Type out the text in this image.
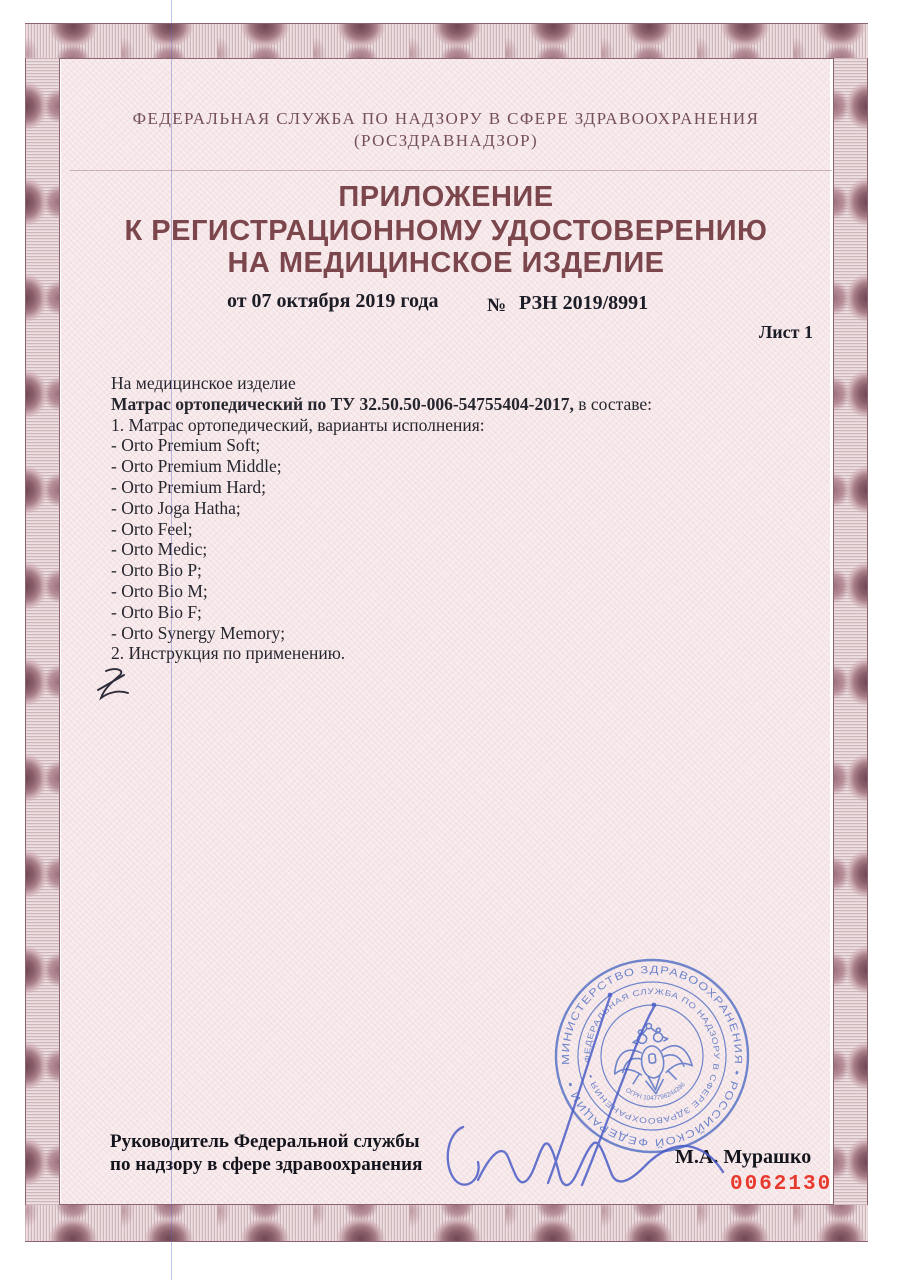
ФЕДЕРАЛЬНАЯ СЛУЖБА ПО НАДЗОРУ В СФЕРЕ ЗДРАВООХРАНЕНИЯ
(РОСЗДРАВНАДЗОР)
ПРИЛОЖЕНИЕ
К РЕГИСТРАЦИОННОМУ УДОСТОВЕРЕНИЮ
НА МЕДИЦИНСКОЕ ИЗДЕЛИЕ
от 07 октября 2019 года	№ РЗН 2019/8991
Лист 1
На медицинское изделие
Матрас ортопедический по ТУ 32.50.50-006-54755404-2017, в составе:
1. Матрас ортопедический, варианты исполнения:
- Orto Premium Soft;
- Orto Premium Middle;
- Orto Premium Hard;
- Orto Joga Hatha;
- Orto Feel;
- Orto Medic;
- Orto Bio P;
- Orto Bio M;
- Orto Bio F;
- Orto Synergy Memory;
2. Инструкция по применению.
МИНИСТЕРСТВО ЗДРАВООХРАНЕНИЯ • РОССИЙСКОЙ ФЕДЕРАЦИИ •
ФЕДЕРАЛЬНАЯ СЛУЖБА ПО НАДЗОРУ В СФЕРЕ ЗДРАВООХРАНЕНИЯ •
ОГРН 1047796244396
Руководитель Федеральной службы
по надзору в сфере здравоохранения	М.А. Мурашко
0062130
